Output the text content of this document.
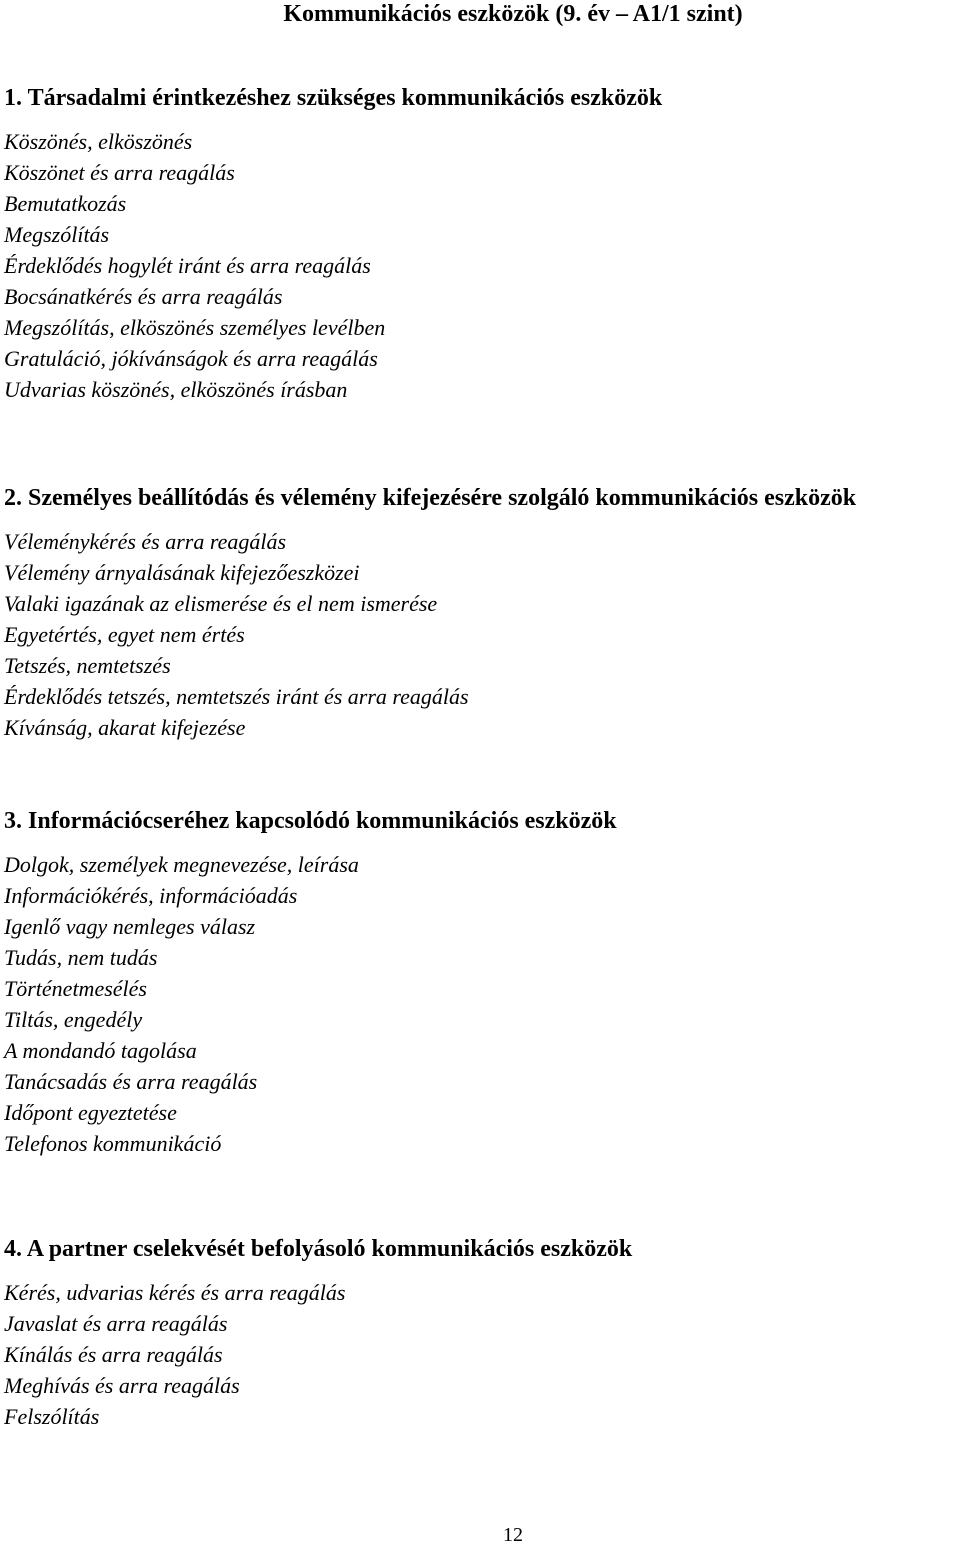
Kommunikációs eszközök (9. év – A1/1 szint)
1. Társadalmi érintkezéshez szükséges kommunikációs eszközök
Köszönés, elköszönés
Köszönet és arra reagálás
Bemutatkozás
Megszólítás
Érdeklődés hogylét iránt és arra reagálás
Bocsánatkérés és arra reagálás
Megszólítás, elköszönés személyes levélben
Gratuláció, jókívánságok és arra reagálás
Udvarias köszönés, elköszönés írásban
2. Személyes beállítódás és vélemény kifejezésére szolgáló kommunikációs eszközök
Véleménykérés és arra reagálás
Vélemény árnyalásának kifejezőeszközei
Valaki igazának az elismerése és el nem ismerése
Egyetértés, egyet nem értés
Tetszés, nemtetszés
Érdeklődés tetszés, nemtetszés iránt és arra reagálás
Kívánság, akarat kifejezése
3. Információcseréhez kapcsolódó kommunikációs eszközök
Dolgok, személyek megnevezése, leírása
Információkérés, információadás
Igenlő vagy nemleges válasz
Tudás, nem tudás
Történetmesélés
Tiltás, engedély
A mondandó tagolása
Tanácsadás és arra reagálás
Időpont egyeztetése
Telefonos kommunikáció
4. A partner cselekvését befolyásoló kommunikációs eszközök
Kérés, udvarias kérés és arra reagálás
Javaslat és arra reagálás
Kínálás és arra reagálás
Meghívás és arra reagálás
Felszólítás
12
